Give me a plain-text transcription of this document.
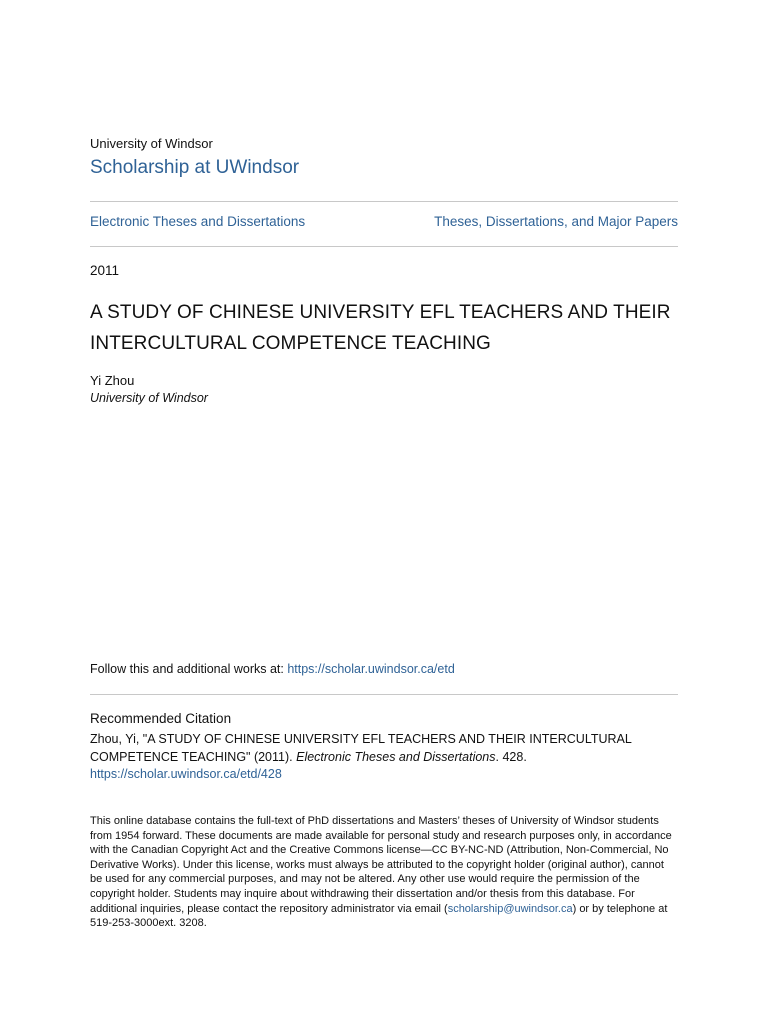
University of Windsor
Scholarship at UWindsor
Electronic Theses and Dissertations	Theses, Dissertations, and Major Papers
2011
A STUDY OF CHINESE UNIVERSITY EFL TEACHERS AND THEIR INTERCULTURAL COMPETENCE TEACHING
Yi Zhou
University of Windsor
Follow this and additional works at: https://scholar.uwindsor.ca/etd
Recommended Citation
Zhou, Yi, "A STUDY OF CHINESE UNIVERSITY EFL TEACHERS AND THEIR INTERCULTURAL COMPETENCE TEACHING" (2011). Electronic Theses and Dissertations. 428.
https://scholar.uwindsor.ca/etd/428
This online database contains the full-text of PhD dissertations and Masters’ theses of University of Windsor students from 1954 forward. These documents are made available for personal study and research purposes only, in accordance with the Canadian Copyright Act and the Creative Commons license—CC BY-NC-ND (Attribution, Non-Commercial, No Derivative Works). Under this license, works must always be attributed to the copyright holder (original author), cannot be used for any commercial purposes, and may not be altered. Any other use would require the permission of the copyright holder. Students may inquire about withdrawing their dissertation and/or thesis from this database. For additional inquiries, please contact the repository administrator via email (scholarship@uwindsor.ca) or by telephone at 519-253-3000ext. 3208.
